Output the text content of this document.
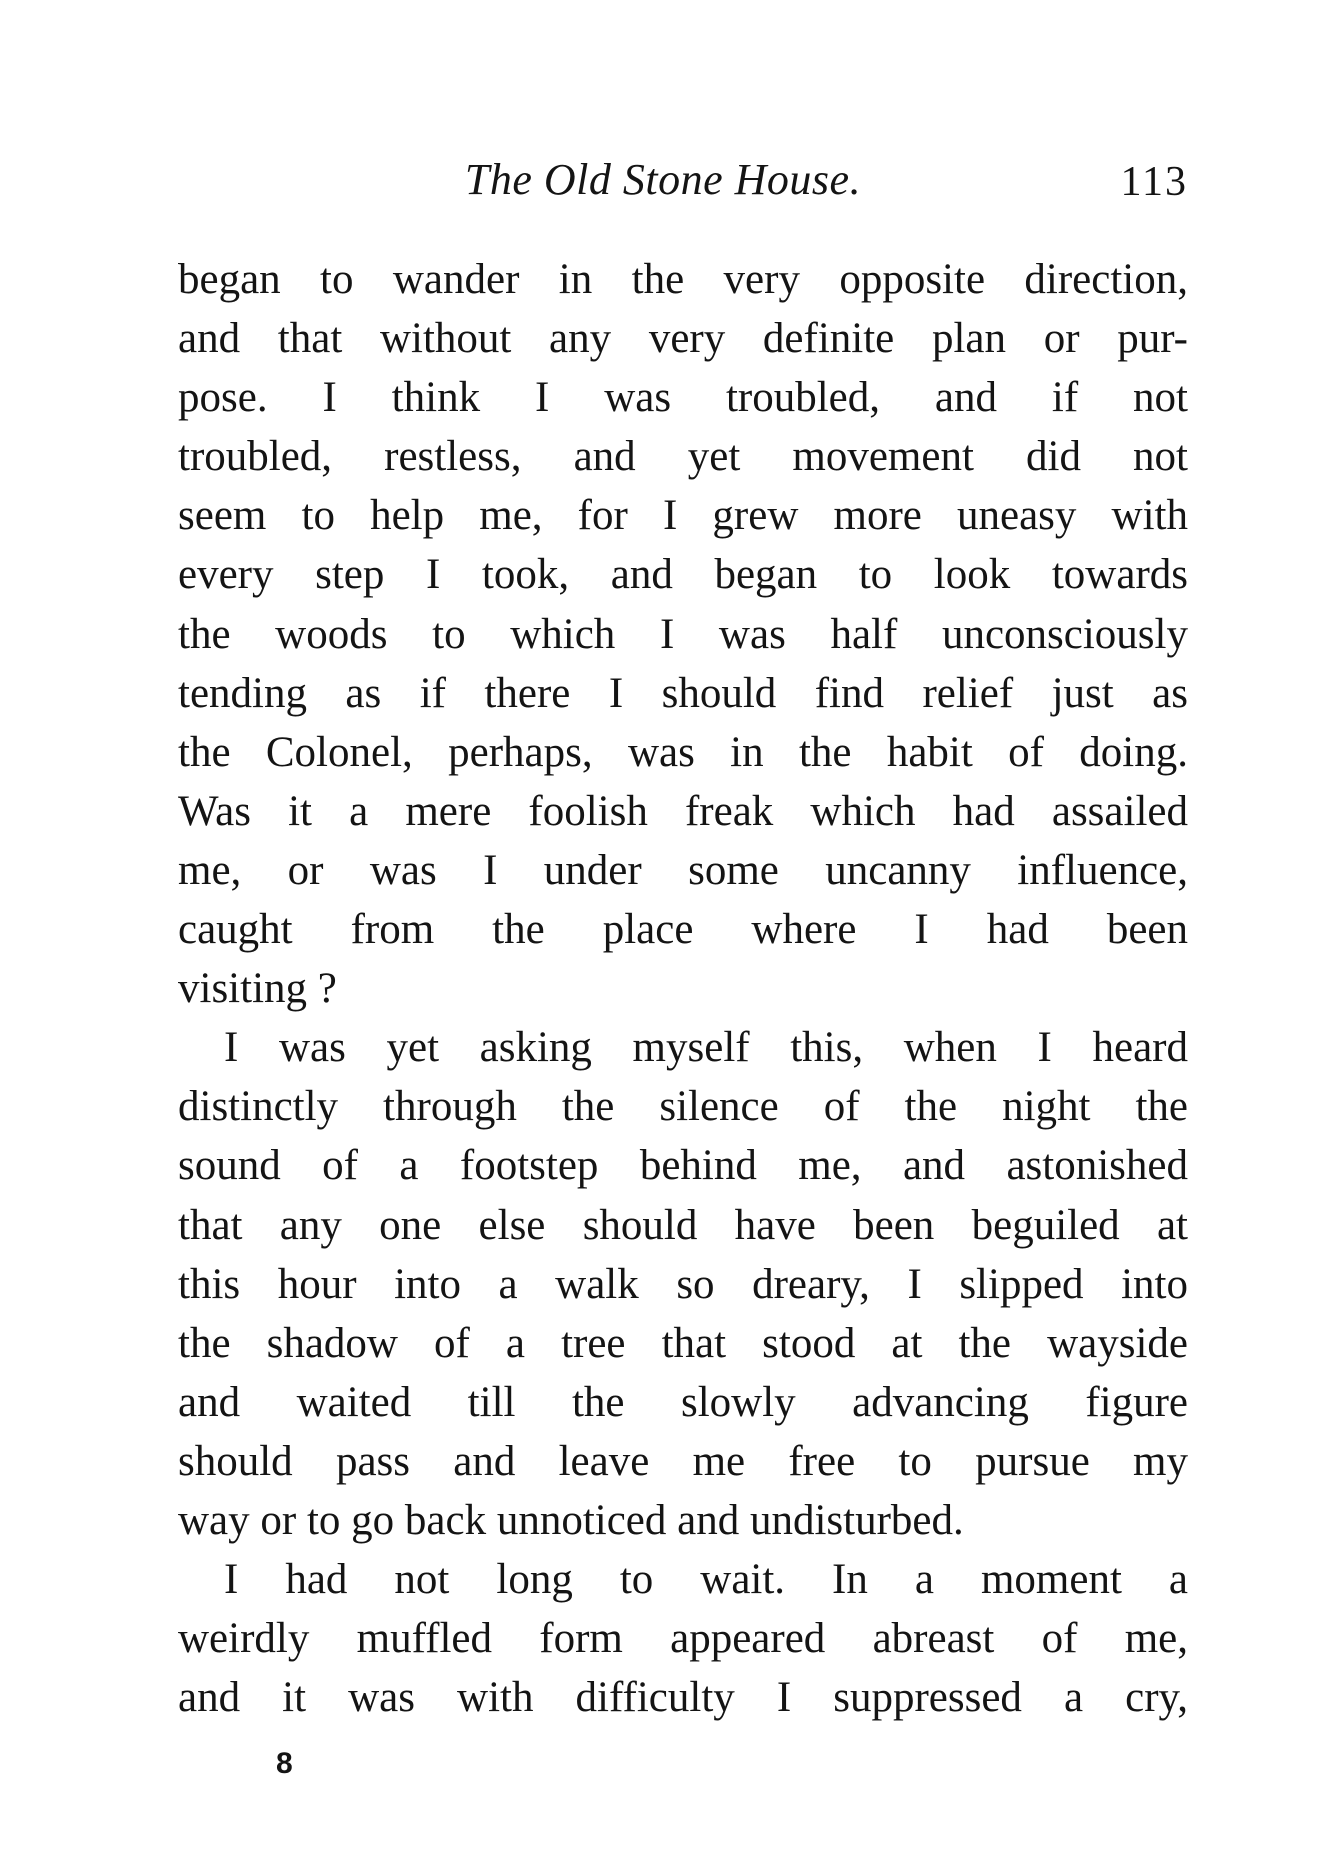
The Old Stone House.	113
began to wander in the very opposite direction,
and that without any very definite plan or pur-
pose. I think I was troubled, and if not
troubled, restless, and yet movement did not
seem to help me, for I grew more uneasy with
every step I took, and began to look towards
the woods to which I was half unconsciously
tending as if there I should find relief just as
the Colonel, perhaps, was in the habit of doing.
Was it a mere foolish freak which had assailed
me, or was I under some uncanny influence,
caught from the place where I had been
visiting ?
I was yet asking myself this, when I heard
distinctly through the silence of the night the
sound of a footstep behind me, and astonished
that any one else should have been beguiled at
this hour into a walk so dreary, I slipped into
the shadow of a tree that stood at the wayside
and waited till the slowly advancing figure
should pass and leave me free to pursue my
way or to go back unnoticed and undisturbed.
I had not long to wait. In a moment a
weirdly muffled form appeared abreast of me,
and it was with difficulty I suppressed a cry,
8
